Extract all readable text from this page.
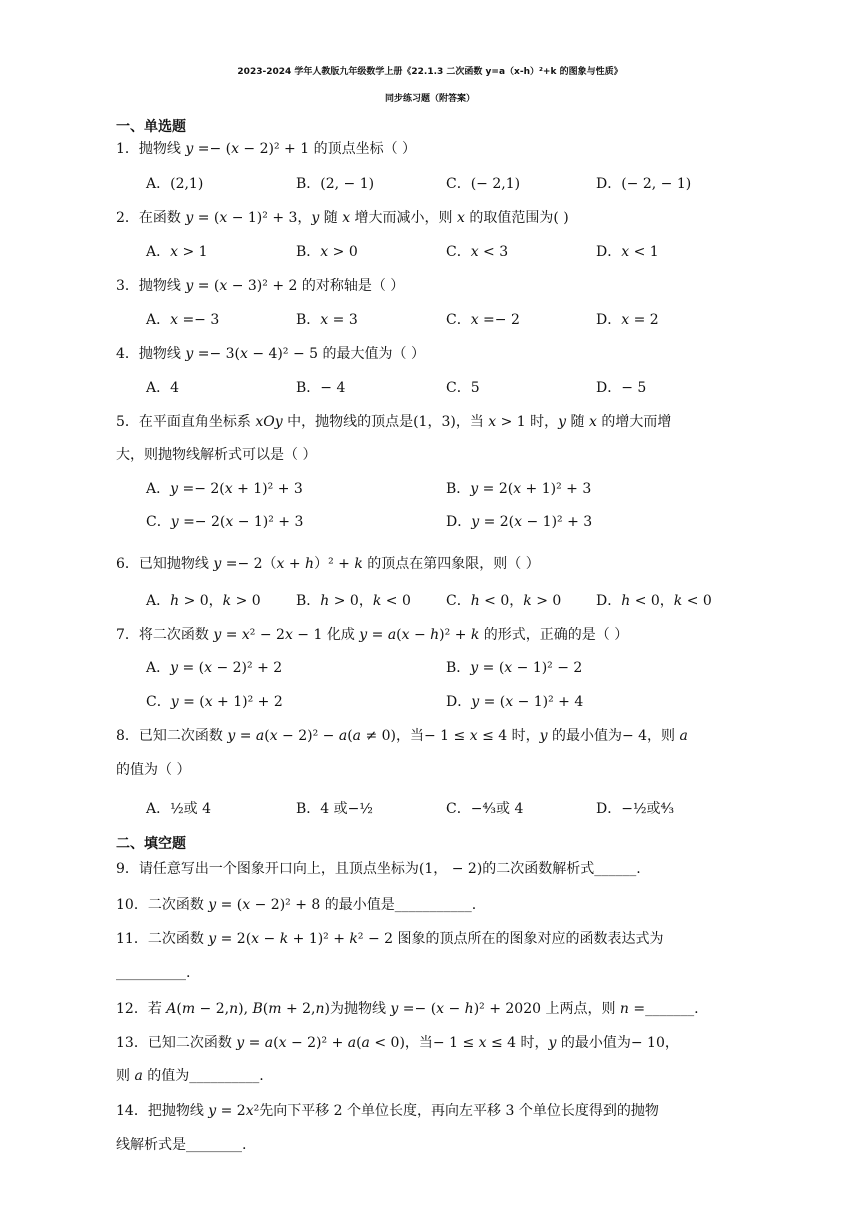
2023-2024 学年人教版九年级数学上册《22.1.3 二次函数 y=a（x-h）²+k 的图象与性质》
同步练习题（附答案）
一、单选题
1．抛物线 𝑦 =− (𝑥 − 2)² + 1 的顶点坐标（ ）
A．(2,1)	B．(2, − 1)	C．(− 2,1)	D．(− 2, − 1)
2．在函数 𝑦 = (𝑥 − 1)² + 3，𝑦 随 𝑥 增大而减小，则 𝑥 的取值范围为( )
A．𝑥 > 1	B．𝑥 > 0	C．𝑥 < 3	D．𝑥 < 1
3．抛物线 𝑦 = (𝑥 − 3)² + 2 的对称轴是（ ）
A．𝑥 =− 3	B．𝑥 = 3	C．𝑥 =− 2	D．𝑥 = 2
4．抛物线 𝑦 =− 3(𝑥 − 4)² − 5 的最大值为（ ）
A．4	B．− 4	C．5	D．− 5
5．在平面直角坐标系 𝑥𝑂𝑦 中，抛物线的顶点是(1，3)，当 𝑥 > 1 时，𝑦 随 𝑥 的增大而增
大，则抛物线解析式可以是（ ）
A．𝑦 =− 2(𝑥 + 1)² + 3	B．𝑦 = 2(𝑥 + 1)² + 3
C．𝑦 =− 2(𝑥 − 1)² + 3	D．𝑦 = 2(𝑥 − 1)² + 3
6．已知抛物线 𝑦 =− 2（𝑥 + ℎ）² + 𝑘 的顶点在第四象限，则（ ）
A．ℎ > 0，𝑘 > 0	B．ℎ > 0，𝑘 < 0	C．ℎ < 0，𝑘 > 0 D．ℎ < 0，𝑘 < 0
7．将二次函数 𝑦 = 𝑥² − 2𝑥 − 1 化成 𝑦 = 𝑎(𝑥 − ℎ)² + 𝑘 的形式，正确的是（ ）
A．𝑦 = (𝑥 − 2)² + 2	B．𝑦 = (𝑥 − 1)² − 2
C．𝑦 = (𝑥 + 1)² + 2	D．𝑦 = (𝑥 − 1)² + 4
8．已知二次函数 𝑦 = 𝑎(𝑥 − 2)² − 𝑎(𝑎 ≠ 0)，当− 1 ≤ 𝑥 ≤ 4 时，𝑦 的最小值为− 4，则 𝑎
的值为（ ）
A．½或 4	B．4 或−½	C．−⁴⁄₃或 4	D．−½或⁴⁄₃
二、填空题
9．请任意写出一个图象开口向上，且顶点坐标为(1， − 2)的二次函数解析式______.
10．二次函数 𝑦 = (𝑥 − 2)² + 8 的最小值是___________.
11．二次函数 𝑦 = 2(𝑥 − 𝑘 + 1)² + 𝑘² − 2 图象的顶点所在的图象对应的函数表达式为
__________.
12．若 𝐴(𝑚 − 2,𝑛), 𝐵(𝑚 + 2,𝑛)为抛物线 𝑦 =− (𝑥 − ℎ)² + 2020 上两点，则 𝑛 =_______.
13．已知二次函数 𝑦 = 𝑎(𝑥 − 2)² + 𝑎(𝑎 < 0)，当− 1 ≤ 𝑥 ≤ 4 时，𝑦 的最小值为− 10，
则 𝑎 的值为__________.
14．把抛物线 𝑦 = 2𝑥²先向下平移 2 个单位长度，再向左平移 3 个单位长度得到的抛物
线解析式是________.
